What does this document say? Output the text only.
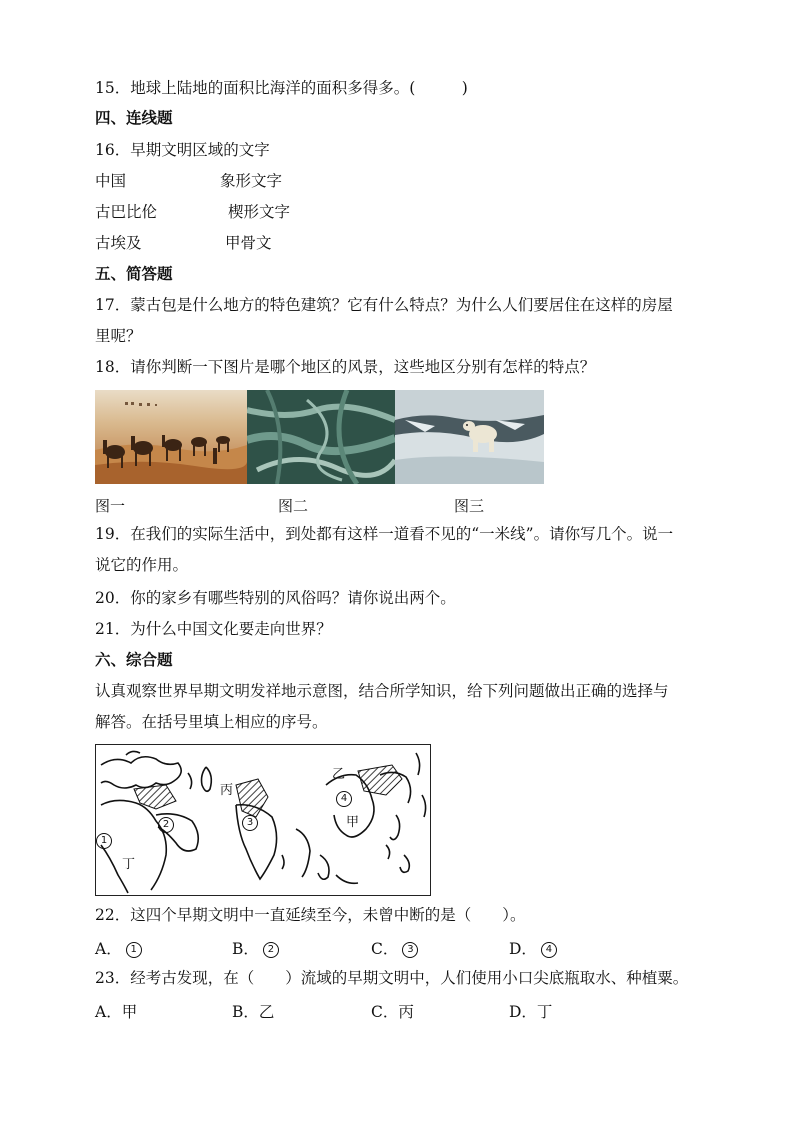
15．地球上陆地的面积比海洋的面积多得多。(　　　)
四、连线题
16．早期文明区域的文字
中国	象形文字
古巴比伦	楔形文字
古埃及	甲骨文
五、简答题
17．蒙古包是什么地方的特色建筑？它有什么特点？为什么人们要居住在这样的房屋
里呢？
18．请你判断一下图片是哪个地区的风景，这些地区分别有怎样的特点？
图一	图二	图三
19．在我们的实际生活中，到处都有这样一道看不见的“一米线”。请你写几个。说一
说它的作用。
20．你的家乡有哪些特别的风俗吗？请你说出两个。
21．为什么中国文化要走向世界？
六、综合题
认真观察世界早期文明发祥地示意图，结合所学知识，给下列问题做出正确的选择与
解答。在括号里填上相应的序号。
丙
乙
甲
丁
1
2	3
4
22．这四个早期文明中一直延续至今，未曾中断的是（　　）。
A． 1	B． 2	C． 3	D． 4
23．经考古发现，在（　　）流域的早期文明中，人们使用小口尖底瓶取水、种植粟。
A．甲	B．乙	C．丙	D．丁
